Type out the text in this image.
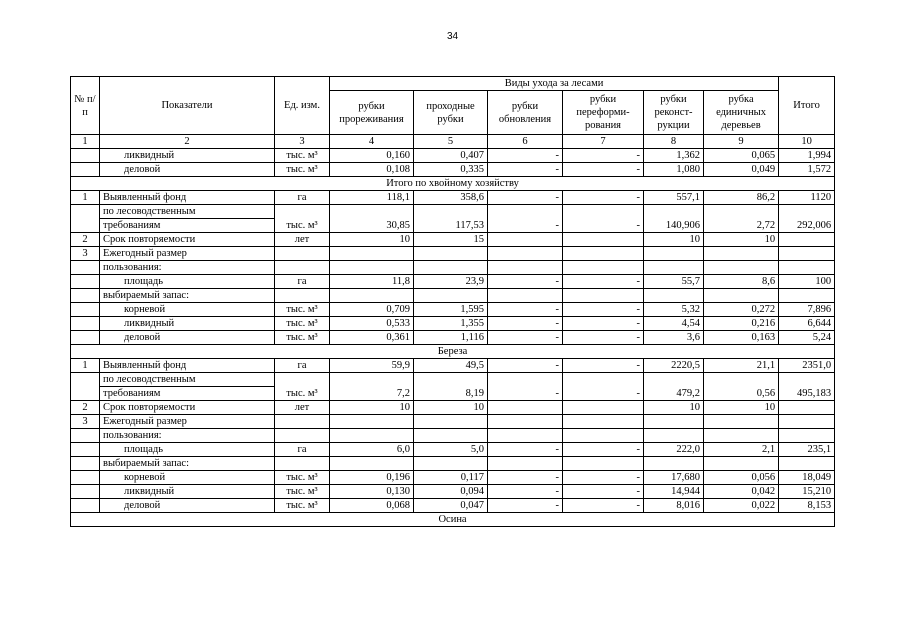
34
№ п/п	Показатели	Ед. изм.	Виды ухода за лесами						Итого
			рубки прореживания	проходные рубки	рубки обновления	рубки переформи-рования	рубки реконст-рукции	рубка единичных деревьев	
1	2	3	4	5	6	7	8	9	10
	ликвидный	тыс. м³	0,160	0,407	-	-	1,362	0,065	1,994
	деловой	тыс. м³	0,108	0,335	-	-	1,080	0,049	1,572
Итого по хвойному хозяйству									
1	Выявленный фонд	га	118,1	358,6	-	-	557,1	86,2	1120
	по лесоводственным	тыс. м³	30,85	117,53	-	-	140,906	2,72	292,006
	требованиям								
2	Срок повторяемости	лет	10	15			10	10	
3	Ежегодный размер								
	пользования:								
	площадь	га	11,8	23,9	-	-	55,7	8,6	100
	выбираемый запас:								
	корневой	тыс. м³	0,709	1,595	-	-	5,32	0,272	7,896
	ликвидный	тыс. м³	0,533	1,355	-	-	4,54	0,216	6,644
	деловой	тыс. м³	0,361	1,116	-	-	3,6	0,163	5,24
Береза									
1	Выявленный фонд	га	59,9	49,5	-	-	2220,5	21,1	2351,0
	по лесоводственным	тыс. м³	7,2	8,19	-	-	479,2	0,56	495,183
	требованиям								
2	Срок повторяемости	лет	10	10			10	10	
3	Ежегодный размер								
	пользования:								
	площадь	га	6,0	5,0	-	-	222,0	2,1	235,1
	выбираемый запас:								
	корневой	тыс. м³	0,196	0,117	-	-	17,680	0,056	18,049
	ликвидный	тыс. м³	0,130	0,094	-	-	14,944	0,042	15,210
	деловой	тыс. м³	0,068	0,047	-	-	8,016	0,022	8,153
Осина									
